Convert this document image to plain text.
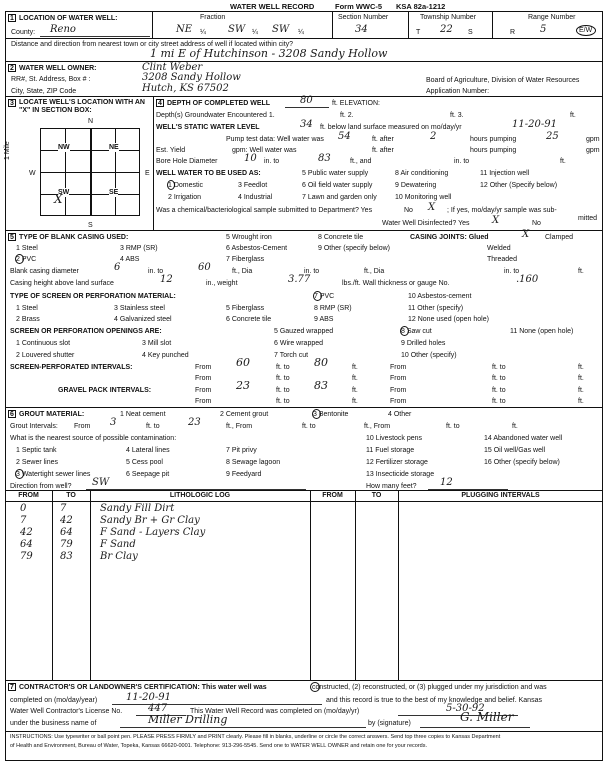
WATER WELL RECORD	Form WWC-5 KSA 82a-1212
1 LOCATION OF WATER WELL:
County: Reno
Fraction
NE ¼ SW ¼ SW ¼
Section Number
34
Township Number
T 22 S
Range Number
R 5	E/W
Distance and direction from nearest town or city street address of well if located within city?
1 mi E of Hutchinson - 3208 Sandy Hollow
2 WATER WELL OWNER:	Clint Weber
RR#, St. Address, Box # :	3208 Sandy Hollow
City, State, ZIP Code	Hutch, KS 67502
Board of Agriculture, Division of Water Resources
Application Number:
3 LOCATE WELL'S LOCATION WITH AN "X" IN SECTION BOX:
N
S
W	E
1 Mile	NW	NE
SW	SE
X
4 DEPTH OF COMPLETED WELL	80	ft. ELEVATION:
Depth(s) Groundwater Encountered 1.	ft. 2.	ft. 3.	ft.
WELL'S STATIC WATER LEVEL	34 ft. below land surface measured on mo/day/yr	11-20-91
Pump test data: Well water was 54	ft. after	2	hours pumping	25	gpm
Est. Yield	gpm: Well water was	ft. after	hours pumping	gpm
Bore Hole Diameter	10 in. to	83	ft., and	in. to	ft.
WELL WATER TO BE USED AS:	5 Public water supply	8 Air conditioning	11 Injection well
1 Domestic	3 Feedlot	6 Oil field water supply	9 Dewatering	12 Other (Specify below)
2 Irrigation	4 Industrial	7 Lawn and garden only	10 Monitoring well
Was a chemical/bacteriological sample submitted to Department? Yes	No X ; If yes, mo/day/yr sample was sub-
mitted
Water Well Disinfected? Yes X	No
5 TYPE OF BLANK CASING USED:	5 Wrought iron	8 Concrete tile	CASING JOINTS: Glued	X Clamped
1 Steel	3 RMP (SR)	6 Asbestos-Cement	9 Other (specify below)	Welded
2 PVC	4 ABS	7 Fiberglass	Threaded
Blank casing diameter	6	in. to	60	ft., Dia	in. to	ft., Dia	in. to	ft.
Casing height above land surface	12	in., weight	3.77	lbs./ft. Wall thickness or gauge No.	.160
TYPE OF SCREEN OR PERFORATION MATERIAL:	7 PVC	10 Asbestos-cement
1 Steel	3 Stainless steel	5 Fiberglass	8 RMP (SR)	11 Other (specify)
2 Brass	4 Galvanized steel	6 Concrete tile	9 ABS	12 None used (open hole)
SCREEN OR PERFORATION OPENINGS ARE:	5 Gauzed wrapped	8 Saw cut	11 None (open hole)
1 Continuous slot	3 Mill slot	6 Wire wrapped	9 Drilled holes
2 Louvered shutter	4 Key punched	7 Torch cut	10 Other (specify)
SCREEN-PERFORATED INTERVALS:	From 60	ft. to 80	ft.	From	ft. to	ft.
From	ft. to	ft.	From	ft. to	ft.
GRAVEL PACK INTERVALS:	From 23	ft. to 83	ft.	From	ft. to	ft.
From	ft. to	ft.	From	ft. to	ft.
6 GROUT MATERIAL:	1 Neat cement	2 Cement grout	3 Bentonite	4 Other
Grout Intervals: From 3	ft. to	23	ft., From	ft. to	ft., From	ft. to	ft.
What is the nearest source of possible contamination:	10 Livestock pens	14 Abandoned water well
1 Septic tank	4 Lateral lines	7 Pit privy	11 Fuel storage	15 Oil well/Gas well
2 Sewer lines	5 Cess pool	8 Sewage lagoon	12 Fertilizer storage	16 Other (specify below)
3 Watertight sewer lines	6 Seepage pit	9 Feedyard	13 Insecticide storage
Direction from well? SW	How many feet? 12
FROM	TO	LITHOLOGIC LOG	FROM	TO	PLUGGING INTERVALS
0	7	Sandy Fill Dirt
7	42	Sandy Br + Gr Clay
42	64	F Sand - Layers Clay
64	79	F Sand
79	83	Br Clay
7 CONTRACTOR'S OR LANDOWNER'S CERTIFICATION: This water well was	constructed, (2) reconstructed, or (3) plugged under my jurisdiction and was
completed on (mo/day/year)	11-20-91	and this record is true to the best of my knowledge and belief. Kansas
Water Well Contractor's License No.	447	This Water Well Record was completed on (mo/day/yr)	5-30-92
under the business name of	Miller Drilling	by (signature)	G. Miller
INSTRUCTIONS: Use typewriter or ball point pen. PLEASE PRESS FIRMLY and PRINT clearly. Please fill in blanks, underline or circle the correct answers. Send top three copies to Kansas Department
of Health and Environment, Bureau of Water, Topeka, Kansas 66620-0001. Telephone: 913-296-5545. Send one to WATER WELL OWNER and retain one for your records.
